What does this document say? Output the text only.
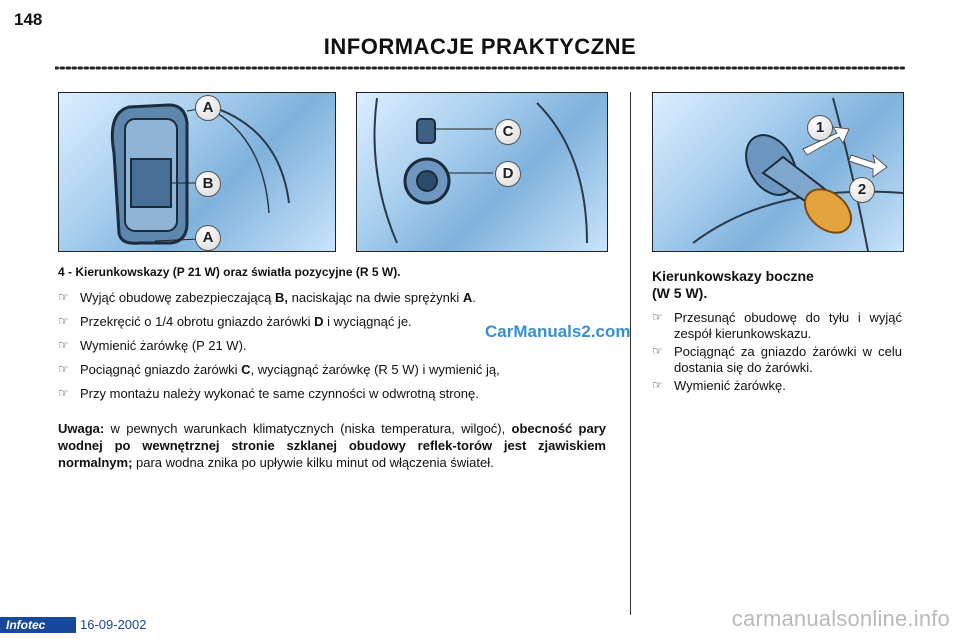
148
INFORMACJE PRAKTYCZNE
A
B
A
C
D
1
2
4 - Kierunkowskazy (P 21 W) oraz światła pozycyjne (R 5 W).
☞ Wyjąć obudowę zabezpieczającą B, naciskając na dwie sprężynki A.
☞ Przekręcić o 1/4 obrotu gniazdo żarówki D i wyciągnąć je.
☞ Wymienić żarówkę (P 21 W).
☞ Pociągnąć gniazdo żarówki C, wyciągnąć żarówkę (R 5 W) i wymienić ją,
☞ Przy montażu należy wykonać te same czynności w odwrotną stronę.
Uwaga: w pewnych warunkach klimatycznych (niska temperatura, wilgoć), obecność pary wodnej po wewnętrznej stronie szklanej obudowy reflek-torów jest zjawiskiem normalnym; para wodna znika po upływie kilku minut od włączenia świateł.
CarManuals2.com
Kierunkowskazy boczne
(W 5 W).
☞ Przesunąć obudowę do tyłu i wyjąć zespół kierunkowskazu.
☞ Pociągnąć za gniazdo żarówki w celu dostania się do żarówki.
☞ Wymienić żarówkę.
Infotec	16-09-2002	carmanualsonline.info
